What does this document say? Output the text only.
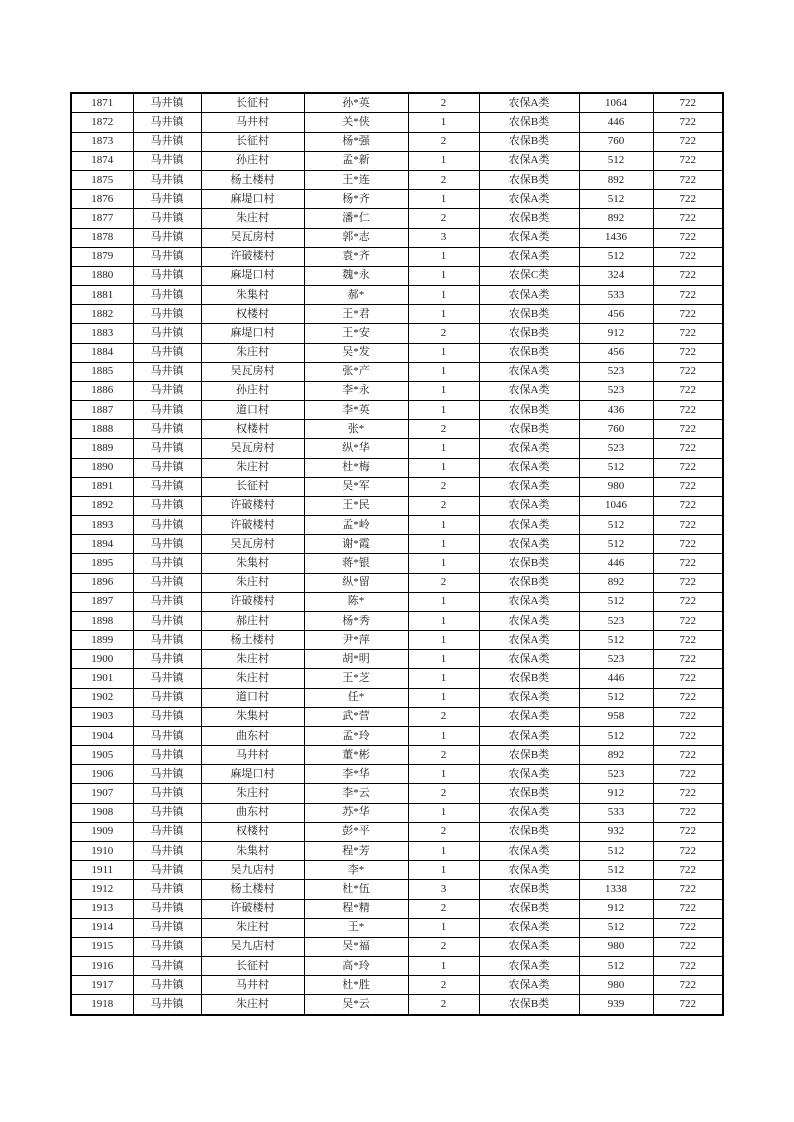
1871	马井镇	长征村	孙*英	2	农保A类	1064	722
1872	马井镇	马井村	关*侠	1	农保B类	446	722
1873	马井镇	长征村	杨*强	2	农保B类	760	722
1874	马井镇	孙庄村	孟*新	1	农保A类	512	722
1875	马井镇	杨土楼村	王*连	2	农保B类	892	722
1876	马井镇	麻堤口村	杨*齐	1	农保A类	512	722
1877	马井镇	朱庄村	潘*仁	2	农保B类	892	722
1878	马井镇	吴瓦房村	郭*志	3	农保A类	1436	722
1879	马井镇	许破楼村	袁*齐	1	农保A类	512	722
1880	马井镇	麻堤口村	魏*永	1	农保C类	324	722
1881	马井镇	朱集村	郝*	1	农保A类	533	722
1882	马井镇	权楼村	王*君	1	农保B类	456	722
1883	马井镇	麻堤口村	王*安	2	农保B类	912	722
1884	马井镇	朱庄村	吴*发	1	农保B类	456	722
1885	马井镇	吴瓦房村	张*产	1	农保A类	523	722
1886	马井镇	孙庄村	李*永	1	农保A类	523	722
1887	马井镇	道口村	李*英	1	农保B类	436	722
1888	马井镇	权楼村	张*	2	农保B类	760	722
1889	马井镇	吴瓦房村	纵*华	1	农保A类	523	722
1890	马井镇	朱庄村	杜*梅	1	农保A类	512	722
1891	马井镇	长征村	吴*军	2	农保A类	980	722
1892	马井镇	许破楼村	王*民	2	农保A类	1046	722
1893	马井镇	许破楼村	孟*岭	1	农保A类	512	722
1894	马井镇	吴瓦房村	谢*霞	1	农保A类	512	722
1895	马井镇	朱集村	蒋*银	1	农保B类	446	722
1896	马井镇	朱庄村	纵*留	2	农保B类	892	722
1897	马井镇	许破楼村	陈*	1	农保A类	512	722
1898	马井镇	郝庄村	杨*秀	1	农保A类	523	722
1899	马井镇	杨土楼村	尹*萍	1	农保A类	512	722
1900	马井镇	朱庄村	胡*明	1	农保A类	523	722
1901	马井镇	朱庄村	王*芝	1	农保B类	446	722
1902	马井镇	道口村	任*	1	农保A类	512	722
1903	马井镇	朱集村	武*营	2	农保A类	958	722
1904	马井镇	曲东村	孟*玲	1	农保A类	512	722
1905	马井镇	马井村	董*彬	2	农保B类	892	722
1906	马井镇	麻堤口村	李*华	1	农保A类	523	722
1907	马井镇	朱庄村	李*云	2	农保B类	912	722
1908	马井镇	曲东村	苏*华	1	农保A类	533	722
1909	马井镇	权楼村	彭*平	2	农保B类	932	722
1910	马井镇	朱集村	程*芳	1	农保A类	512	722
1911	马井镇	吴九店村	李*	1	农保A类	512	722
1912	马井镇	杨土楼村	杜*伍	3	农保B类	1338	722
1913	马井镇	许破楼村	程*精	2	农保B类	912	722
1914	马井镇	朱庄村	王*	1	农保A类	512	722
1915	马井镇	吴九店村	吴*福	2	农保A类	980	722
1916	马井镇	长征村	高*玲	1	农保A类	512	722
1917	马井镇	马井村	杜*胜	2	农保A类	980	722
1918	马井镇	朱庄村	吴*云	2	农保B类	939	722
